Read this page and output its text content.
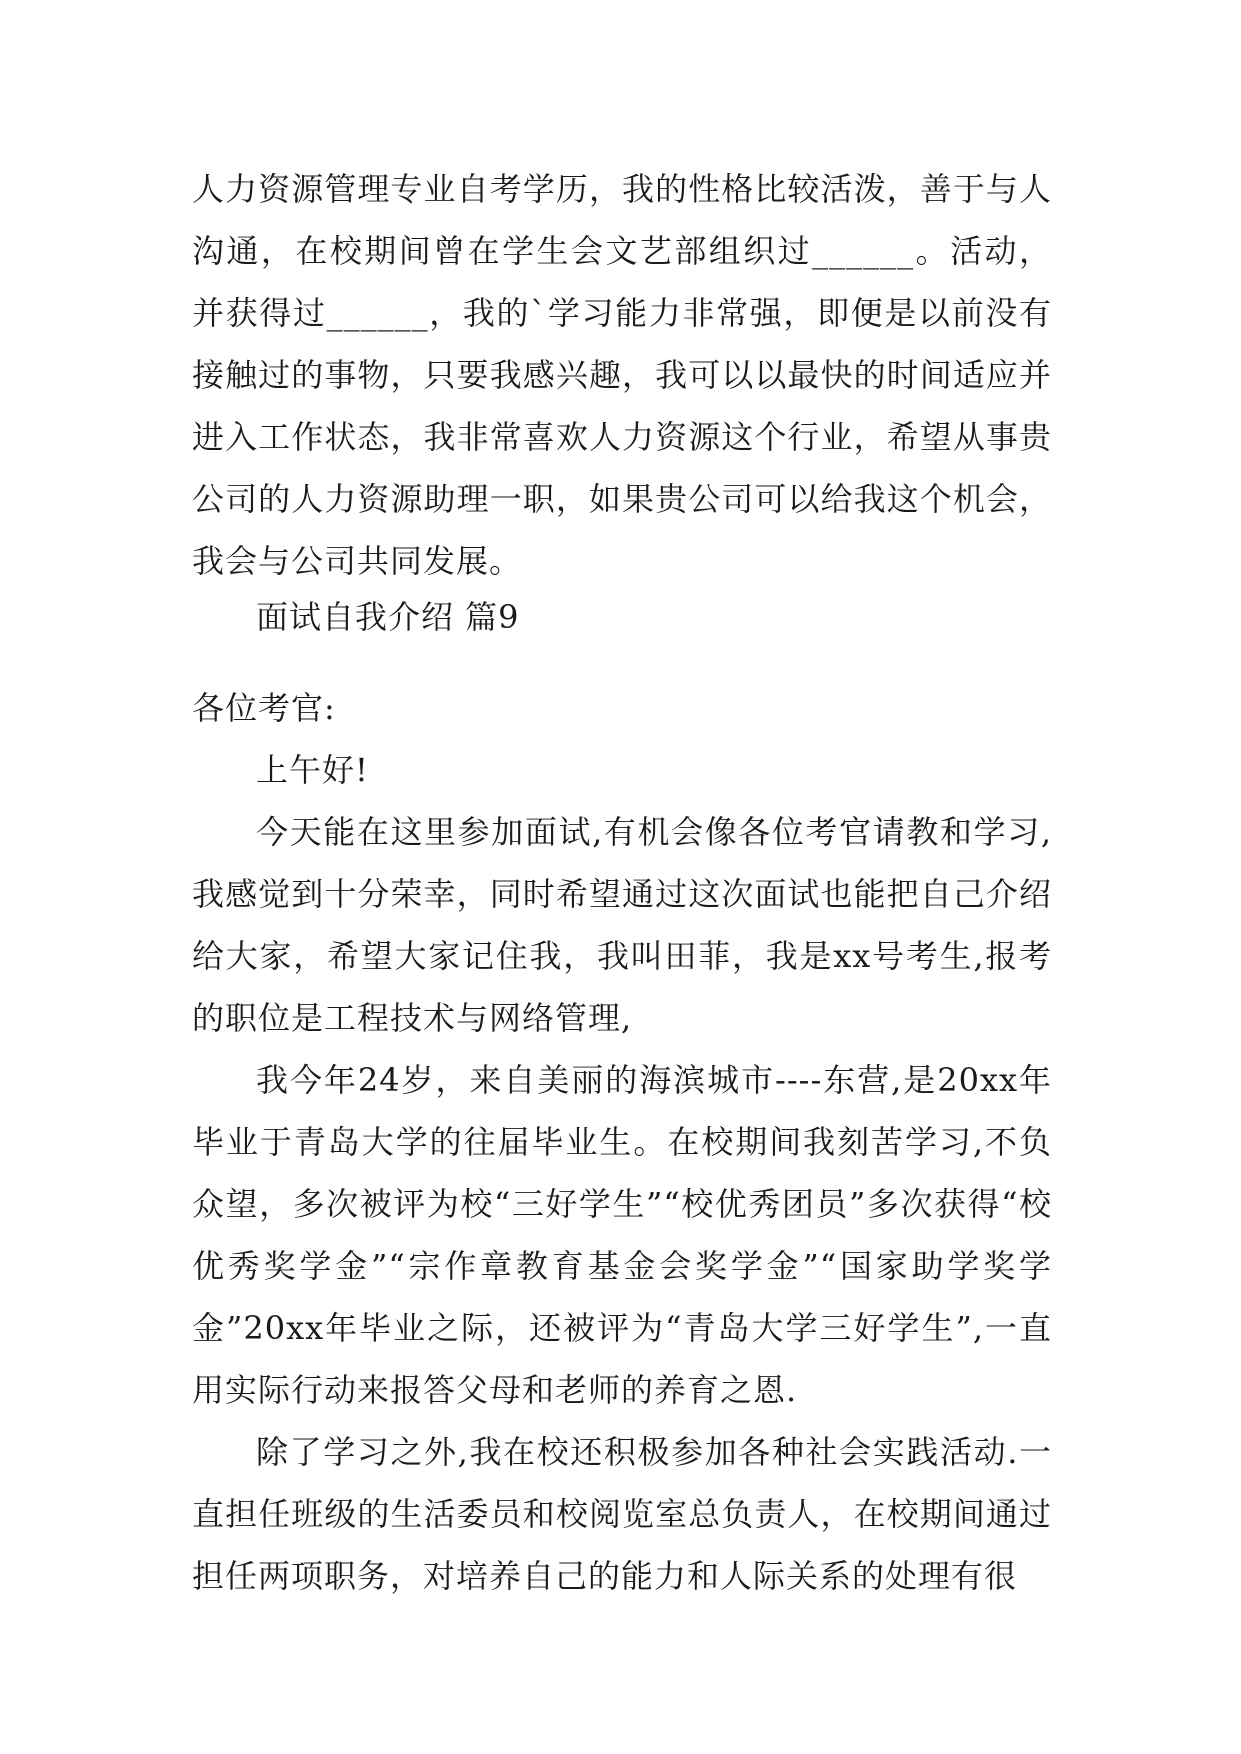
人力资源管理专业自考学历，我的性格比较活泼，善于与人沟通，在校期间曾在学生会文艺部组织过______。活动，并获得过______，我的`学习能力非常强，即便是以前没有接触过的事物，只要我感兴趣，我可以以最快的时间适应并进入工作状态，我非常喜欢人力资源这个行业，希望从事贵公司的人力资源助理一职，如果贵公司可以给我这个机会，我会与公司共同发展。

面试自我介绍 篇9

各位考官:

上午好!

今天能在这里参加面试,有机会像各位考官请教和学习,我感觉到十分荣幸，同时希望通过这次面试也能把自己介绍给大家，希望大家记住我，我叫田菲，我是xx号考生,报考的职位是工程技术与网络管理,

我今年24岁，来自美丽的海滨城市----东营,是20xx年毕业于青岛大学的往届毕业生。在校期间我刻苦学习,不负众望，多次被评为校“三好学生”“校优秀团员”多次获得“校优秀奖学金”“宗作章教育基金会奖学金”“国家助学奖学金”20xx年毕业之际，还被评为“青岛大学三好学生”,一直用实际行动来报答父母和老师的养育之恩.

除了学习之外,我在校还积极参加各种社会实践活动.一直担任班级的生活委员和校阅览室总负责人，在校期间通过担任两项职务，对培养自己的能力和人际关系的处理有很
